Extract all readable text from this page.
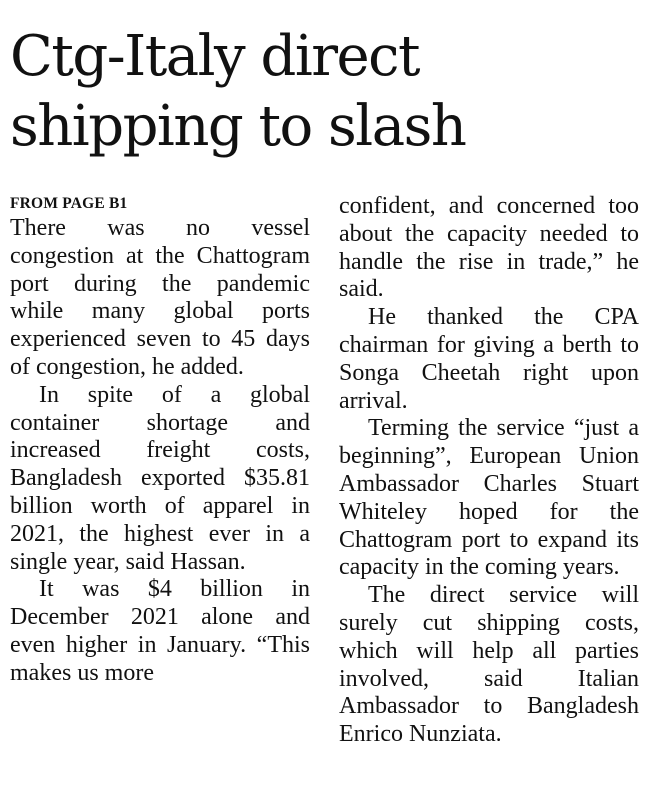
Ctg-Italy direct shipping to slash
FROM PAGE B1

There was no vessel congestion at the Chattogram port during the pandemic while many global ports experienced seven to 45 days of congestion, he added.

In spite of a global container shortage and increased freight costs, Bangladesh exported $35.81 billion worth of apparel in 2021, the highest ever in a single year, said Hassan.

It was $4 billion in December 2021 alone and even higher in January. “This makes us more

confident, and concerned too about the capacity needed to handle the rise in trade,” he said.

He thanked the CPA chairman for giving a berth to Songa Cheetah right upon arrival.

Terming the service “just a beginning”, European Union Ambassador Charles Stuart Whiteley hoped for the Chattogram port to expand its capacity in the coming years.

The direct service will surely cut shipping costs, which will help all parties involved, said Italian Ambassador to Bangladesh Enrico Nunziata.
